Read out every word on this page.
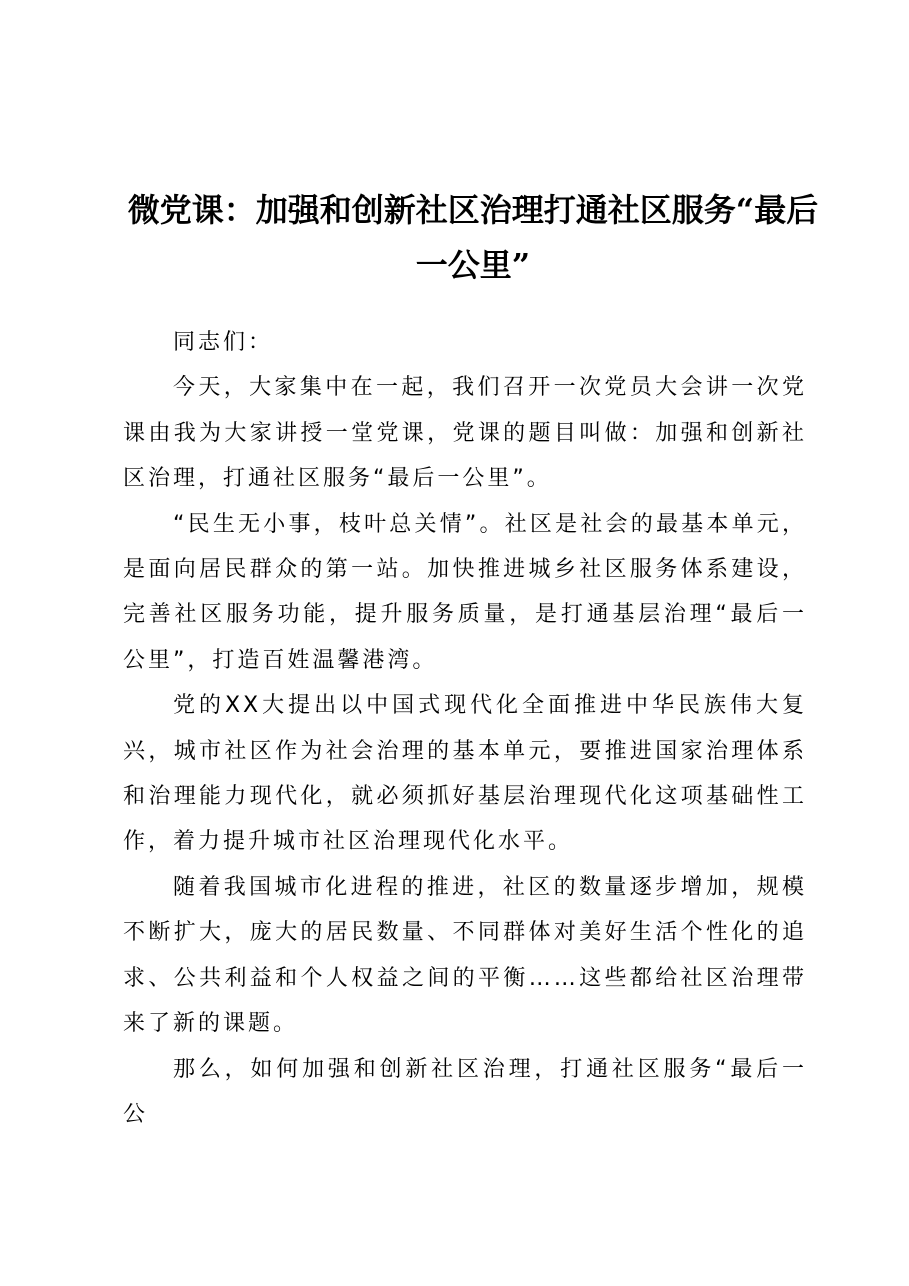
微党课：加强和创新社区治理打通社区服务“最后一公里”

同志们：

今天，大家集中在一起，我们召开一次党员大会讲一次党课由我为大家讲授一堂党课，党课的题目叫做：加强和创新社区治理，打通社区服务“最后一公里”。

“民生无小事，枝叶总关情”。社区是社会的最基本单元，是面向居民群众的第一站。加快推进城乡社区服务体系建设，完善社区服务功能，提升服务质量，是打通基层治理“最后一公里”，打造百姓温馨港湾。

党的XX大提出以中国式现代化全面推进中华民族伟大复兴，城市社区作为社会治理的基本单元，要推进国家治理体系和治理能力现代化，就必须抓好基层治理现代化这项基础性工作，着力提升城市社区治理现代化水平。

随着我国城市化进程的推进，社区的数量逐步增加，规模不断扩大，庞大的居民数量、不同群体对美好生活个性化的追求、公共利益和个人权益之间的平衡……这些都给社区治理带来了新的课题。

那么，如何加强和创新社区治理，打通社区服务“最后一公
